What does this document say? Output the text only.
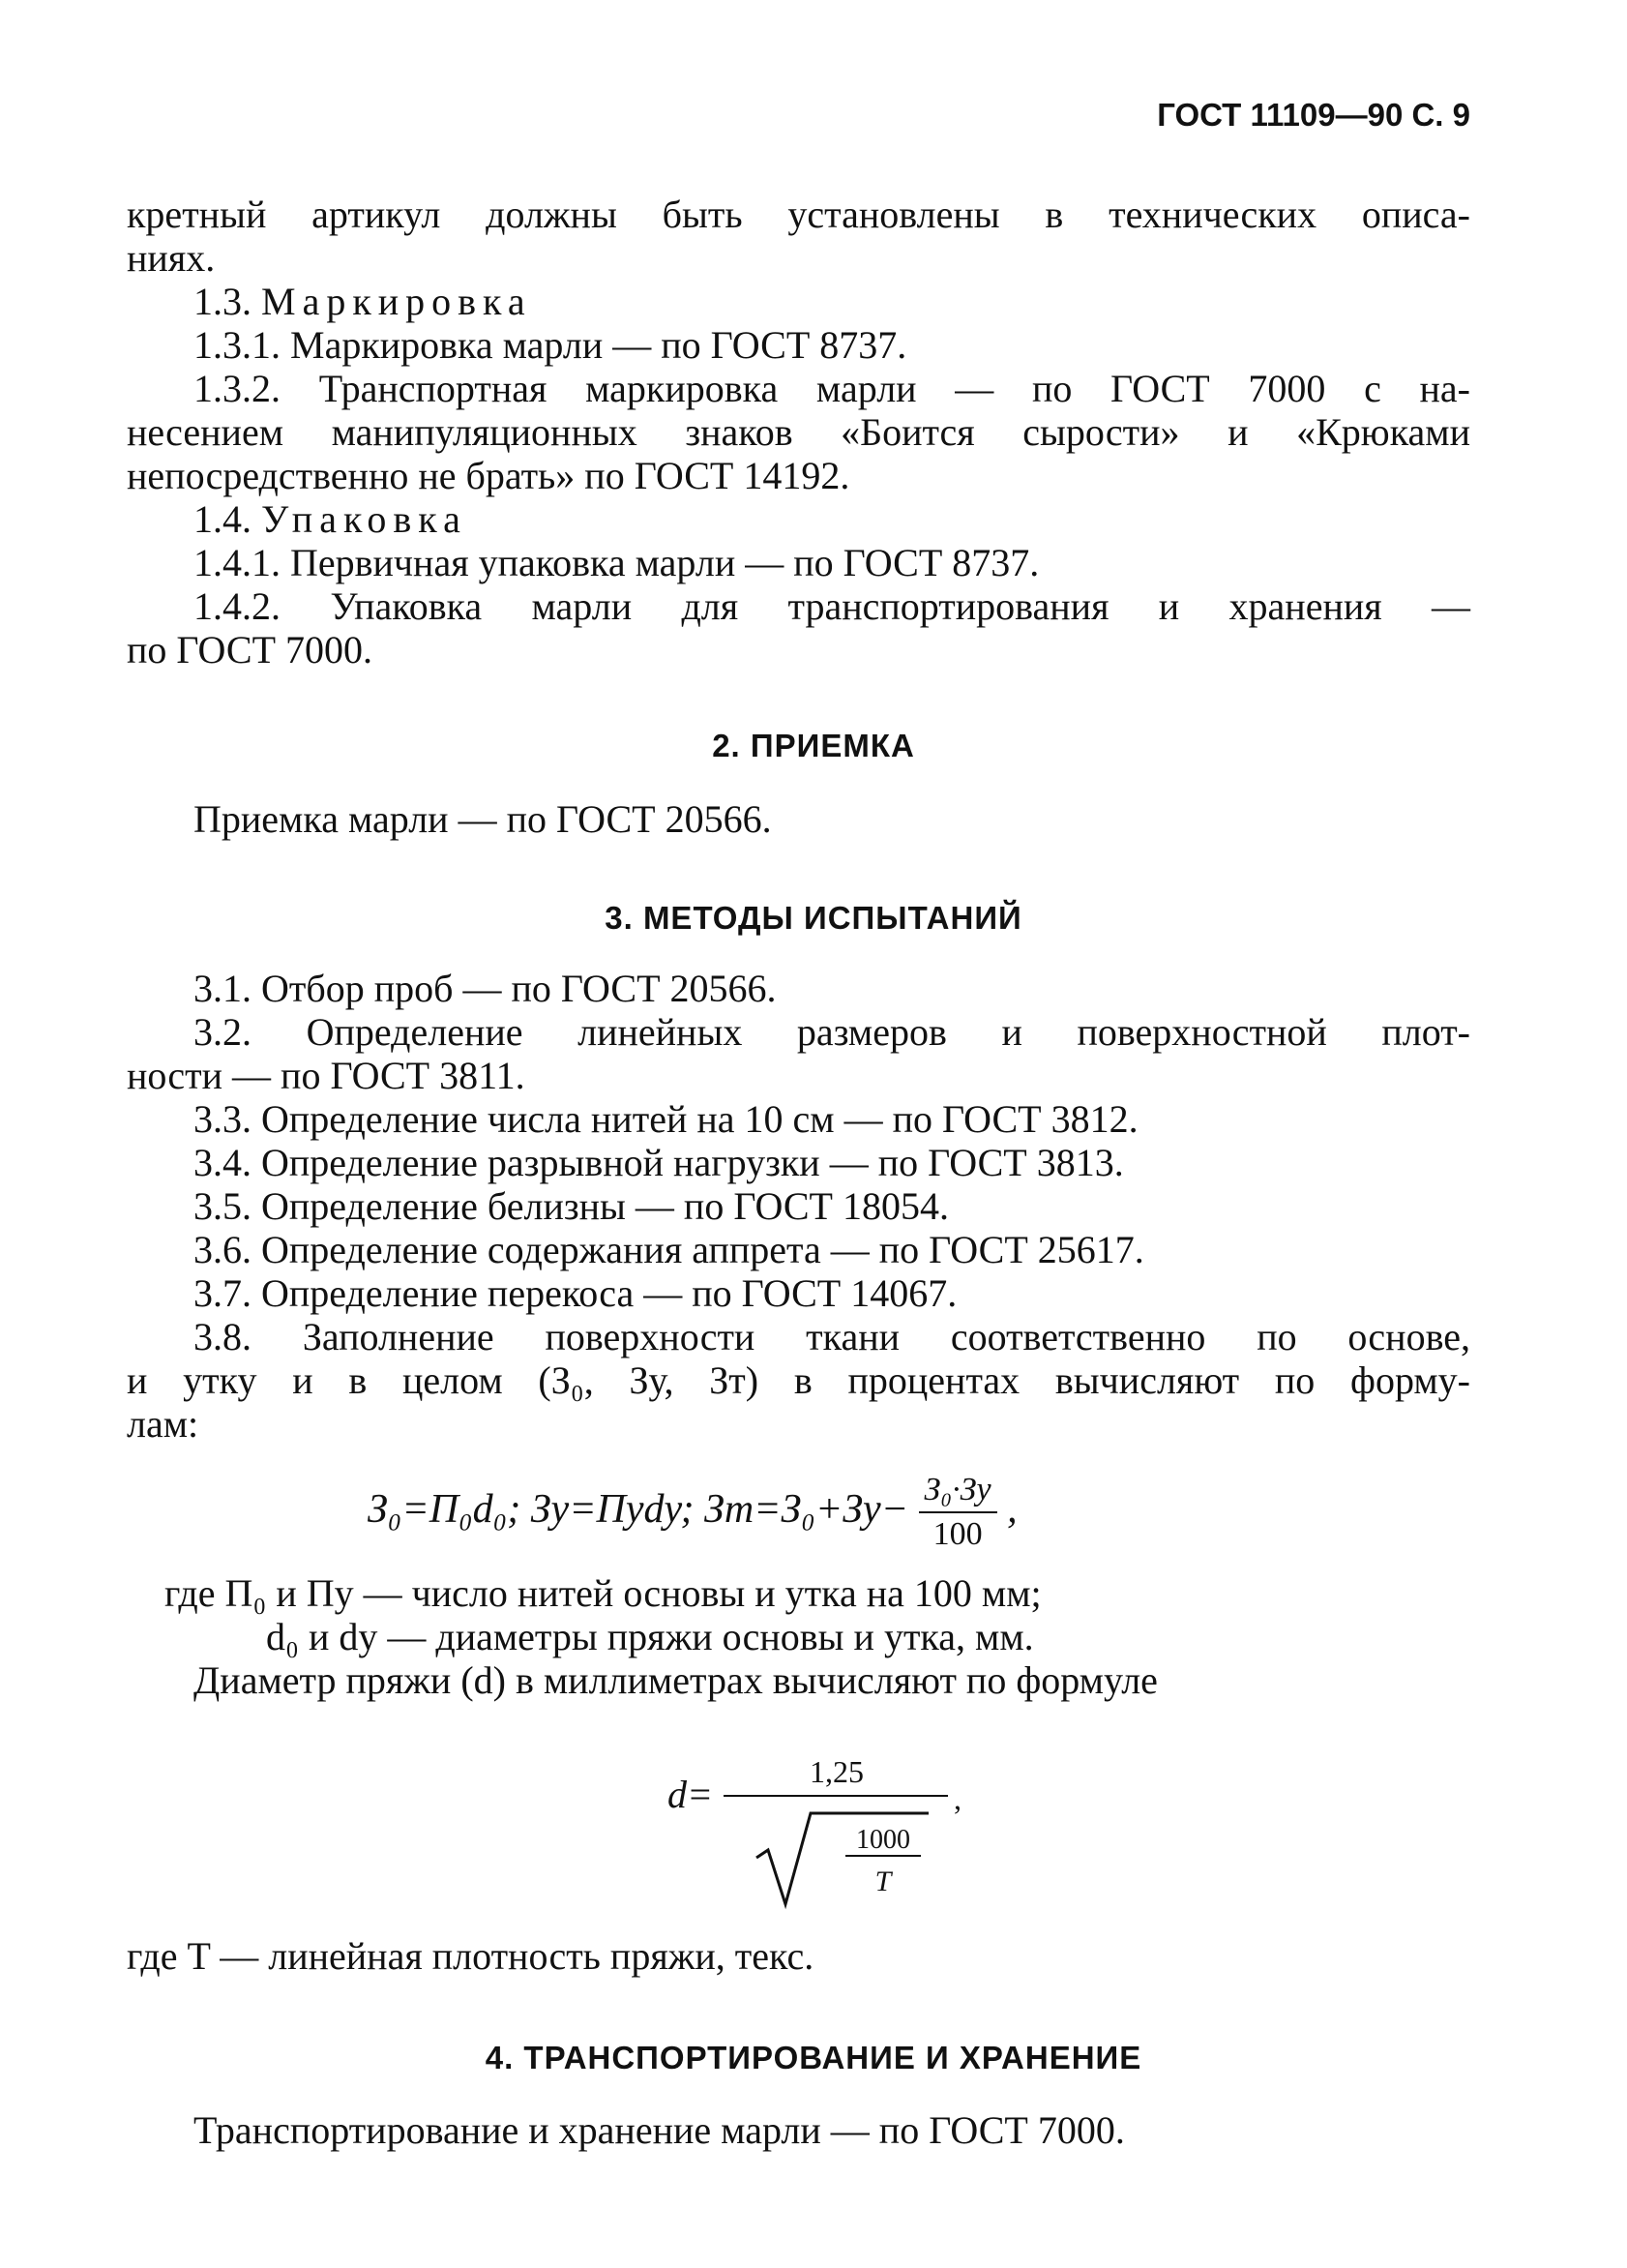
ГОСТ 11109—90 С. 9
кретный артикул должны быть установлены в технических описа-
ниях.
1.3. Маркировка
1.3.1. Маркировка марли — по ГОСТ 8737.
1.3.2. Транспортная маркировка марли — по ГОСТ 7000 с на-
несением манипуляционных знаков «Боится сырости» и «Крюками
непосредственно не брать» по ГОСТ 14192.
1.4. Упаковка
1.4.1. Первичная упаковка марли — по ГОСТ 8737.
1.4.2. Упаковка марли для транспортирования и хранения —
по ГОСТ 7000.
2. ПРИЕМКА
Приемка марли — по ГОСТ 20566.
3. МЕТОДЫ ИСПЫТАНИЙ
3.1. Отбор проб — по ГОСТ 20566.
3.2. Определение линейных размеров и поверхностной плот-
ности — по ГОСТ 3811.
3.3. Определение числа нитей на 10 см — по ГОСТ 3812.
3.4. Определение разрывной нагрузки — по ГОСТ 3813.
3.5. Определение белизны — по ГОСТ 18054.
3.6. Определение содержания аппрета — по ГОСТ 25617.
3.7. Определение перекоса — по ГОСТ 14067.
3.8. Заполнение поверхности ткани соответственно по основе,
и утку и в целом (З₀, Зу, Зт) в процентах вычисляют по форму-
лам:
З₀=П₀d₀; Зу=Пуdу; $Зт=З_0+Зу- \frac{\text{З₀·Зу}}{100}$ ,
где П₀ и Пу — число нитей основы и утка на 100 мм;
d₀ и dу — диаметры пряжи основы и утка, мм.
Диаметр пряжи (d) в миллиметрах вычисляют по формуле
d=
1,25
,
1000
T
где T — линейная плотность пряжи, текс.
4. ТРАНСПОРТИРОВАНИЕ И ХРАНЕНИЕ
Транспортирование и хранение марли — по ГОСТ 7000.
